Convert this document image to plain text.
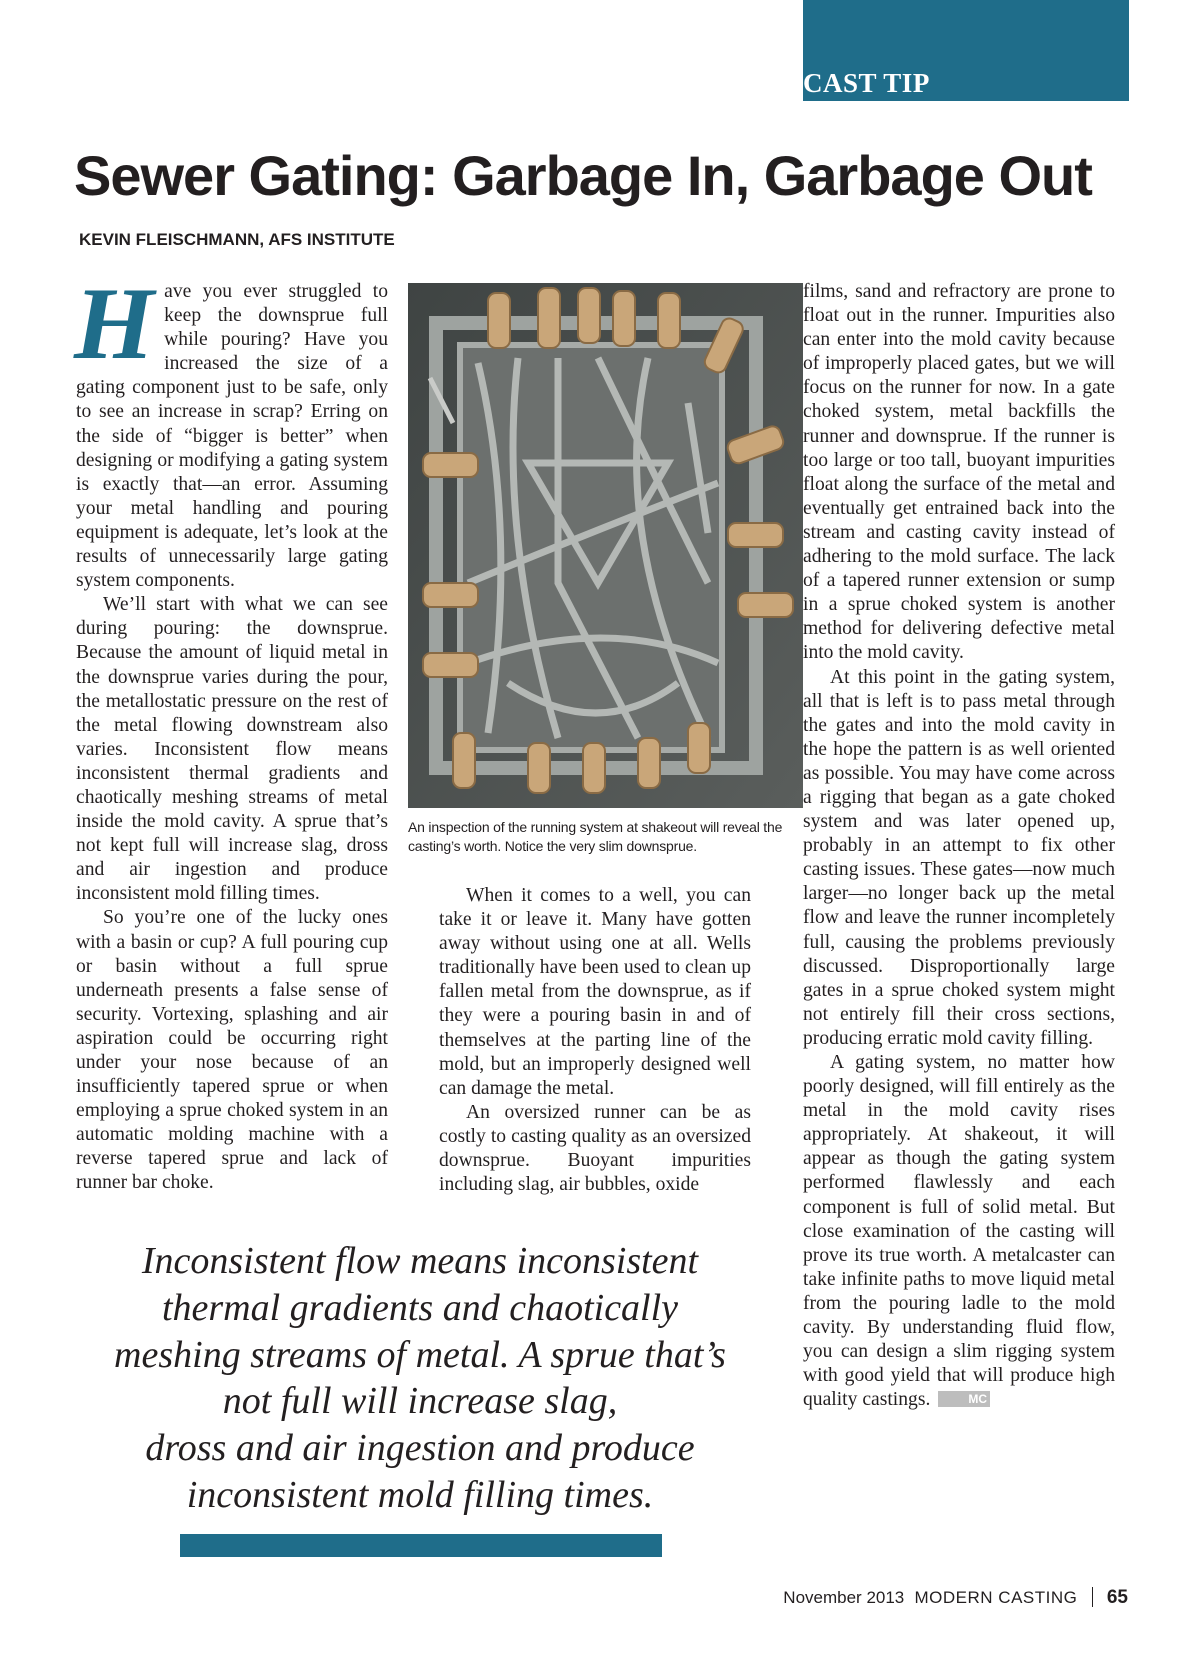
CAST TIP
Sewer Gating: Garbage In, Garbage Out
KEVIN FLEISCHMANN, AFS INSTITUTE

Have you ever struggled to keep the downsprue full while pouring? Have you increased the size of a gating component just to be safe, only to see an increase in scrap? Erring on the side of “bigger is better” when designing or modifying a gating system is exactly that—an error. Assuming your metal handling and pouring equipment is adequate, let’s look at the results of unnecessarily large gating system components.

We’ll start with what we can see during pouring: the downsprue. Because the amount of liquid metal in the downsprue varies during the pour, the metallostatic pressure on the rest of the metal flowing downstream also varies. Inconsistent flow means inconsistent thermal gradients and chaotically meshing streams of metal inside the mold cavity. A sprue that’s not kept full will increase slag, dross and air ingestion and produce inconsistent mold filling times.

So you’re one of the lucky ones with a basin or cup? A full pouring cup or basin without a full sprue underneath presents a false sense of security. Vortexing, splashing and air aspiration could be occurring right under your nose because of an insufficiently tapered sprue or when employing a sprue choked system in an automatic molding machine with a reverse tapered sprue and lack of runner bar choke.

An inspection of the running system at shakeout will reveal the casting’s worth. Notice the very slim downsprue.

When it comes to a well, you can take it or leave it. Many have gotten away without using one at all. Wells traditionally have been used to clean up fallen metal from the downsprue, as if they were a pouring basin in and of themselves at the parting line of the mold, but an improperly designed well can damage the metal.

An oversized runner can be as costly to casting quality as an oversized downsprue. Buoyant impurities including slag, air bubbles, oxide

films, sand and refractory are prone to float out in the runner. Impurities also can enter into the mold cavity because of improperly placed gates, but we will focus on the runner for now. In a gate choked system, metal backfills the runner and downsprue. If the runner is too large or too tall, buoyant impurities float along the surface of the metal and eventually get entrained back into the stream and casting cavity instead of adhering to the mold surface. The lack of a tapered runner extension or sump in a sprue choked system is another method for delivering defective metal into the mold cavity.

At this point in the gating system, all that is left is to pass metal through the gates and into the mold cavity in the hope the pattern is as well oriented as possible. You may have come across a rigging that began as a gate choked system and was later opened up, probably in an attempt to fix other casting issues. These gates—now much larger—no longer back up the metal flow and leave the runner incompletely full, causing the problems previously discussed. Disproportionally large gates in a sprue choked system might not entirely fill their cross sections, producing erratic mold cavity filling.

A gating system, no matter how poorly designed, will fill entirely as the metal in the mold cavity rises appropriately. At shakeout, it will appear as though the gating system performed flawlessly and each component is full of solid metal. But close examination of the casting will prove its true worth. A metalcaster can take infinite paths to move liquid metal from the pouring ladle to the mold cavity. By understanding fluid flow, you can design a slim rigging system with good yield that will produce high quality castings.	MC

Inconsistent flow means inconsistent
thermal gradients and chaotically
meshing streams of metal. A sprue that’s
not full will increase slag,
dross and air ingestion and produce
inconsistent mold filling times.
November 2013 MODERN CASTING 65
